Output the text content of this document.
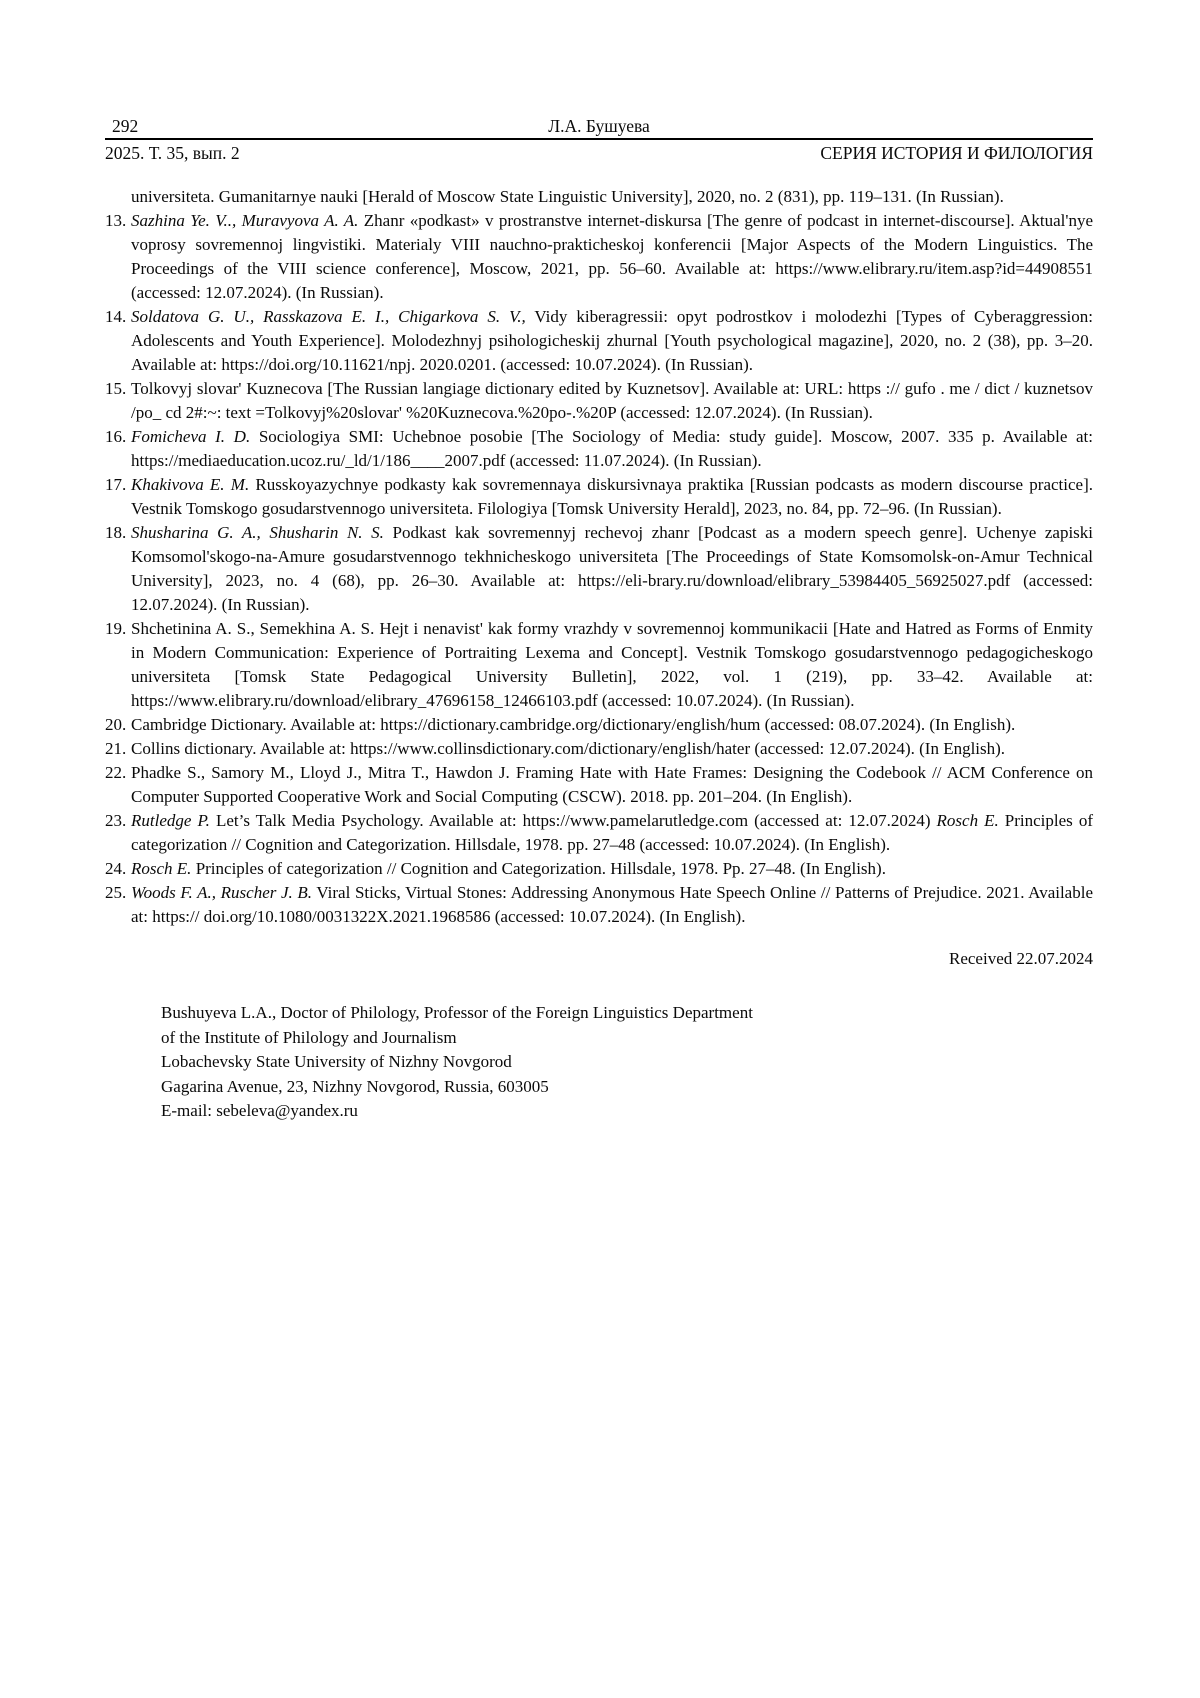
292	Л.А. Бушуева
2025. Т. 35, вып. 2	СЕРИЯ ИСТОРИЯ И ФИЛОЛОГИЯ
universiteta. Gumanitarnye nauki [Herald of Moscow State Linguistic University], 2020, no. 2 (831), pp. 119–131. (In Russian).
13. Sazhina Ye. V.., Muravyova A. A. Zhanr «podkast» v prostranstve internet-diskursa [The genre of podcast in internet-discourse]. Aktual'nye voprosy sovremennoj lingvistiki. Materialy VIII nauchno-prakticheskoj konferencii [Major Aspects of the Modern Linguistics. The Proceedings of the VIII science conference], Moscow, 2021, pp. 56–60. Available at: https://www.elibrary.ru/item.asp?id=44908551 (accessed: 12.07.2024). (In Russian).
14. Soldatova G. U., Rasskazova E. I., Chigarkova S. V., Vidy kiberagressii: opyt podrostkov i molodezhi [Types of Cyberaggression: Adolescents and Youth Experience]. Molodezhnyj psihologicheskij zhurnal [Youth psychological magazine], 2020, no. 2 (38), pp. 3–20. Available at: https://doi.org/10.11621/npj. 2020.0201. (accessed: 10.07.2024). (In Russian).
15. Tolkovyj slovar' Kuznecova [The Russian langiage dictionary edited by Kuznetsov]. Available at: URL: https :// gufo . me / dict / kuznetsov /po_ cd 2#:~: text =Tolkovyj%20slovar' %20Kuznecova.%20po-.%20P (accessed: 12.07.2024). (In Russian).
16. Fomicheva I. D. Sociologiya SMI: Uchebnoe posobie [The Sociology of Media: study guide]. Moscow, 2007. 335 p. Available at: https://mediaeducation.ucoz.ru/_ld/1/186____2007.pdf (accessed: 11.07.2024). (In Russian).
17. Khakivova E. M. Russkoyazychnye podkasty kak sovremennaya diskursivnaya praktika [Russian podcasts as modern discourse practice]. Vestnik Tomskogo gosudarstvennogo universiteta. Filologiya [Tomsk University Herald], 2023, no. 84, pp. 72–96. (In Russian).
18. Shusharina G. A., Shusharin N. S. Podkast kak sovremennyj rechevoj zhanr [Podcast as a modern speech genre]. Uchenye zapiski Komsomol'skogo-na-Amure gosudarstvennogo tekhnicheskogo universiteta [The Proceedings of State Komsomolsk-on-Amur Technical University], 2023, no. 4 (68), pp. 26–30. Available at: https://eli-brary.ru/download/elibrary_53984405_56925027.pdf (accessed: 12.07.2024). (In Russian).
19. Shchetinina A. S., Semekhina A. S. Hejt i nenavist' kak formy vrazhdy v sovremennoj kommunikacii [Hate and Hatred as Forms of Enmity in Modern Communication: Experience of Portraiting Lexema and Concept]. Vestnik Tomskogo gosudarstvennogo pedagogicheskogo universiteta [Tomsk State Pedagogical University Bulletin], 2022, vol. 1 (219), pp. 33–42. Available at: https://www.elibrary.ru/download/elibrary_47696158_12466103.pdf (accessed: 10.07.2024). (In Russian).
20. Cambridge Dictionary. Available at: https://dictionary.cambridge.org/dictionary/english/hum (accessed: 08.07.2024). (In English).
21. Collins dictionary. Available at: https://www.collinsdictionary.com/dictionary/english/hater (accessed: 12.07.2024). (In English).
22. Phadke S., Samory M., Lloyd J., Mitra T., Hawdon J. Framing Hate with Hate Frames: Designing the Codebook // ACM Conference on Computer Supported Cooperative Work and Social Computing (CSCW). 2018. pp. 201–204. (In English).
23. Rutledge P. Let’s Talk Media Psychology. Available at: https://www.pamelarutledge.com (accessed at: 12.07.2024) Rosch E. Principles of categorization // Cognition and Categorization. Hillsdale, 1978. pp. 27–48 (accessed: 10.07.2024). (In English).
24. Rosch E. Principles of categorization // Cognition and Categorization. Hillsdale, 1978. Pp. 27–48. (In English).
25. Woods F. A., Ruscher J. B. Viral Sticks, Virtual Stones: Addressing Anonymous Hate Speech Online // Patterns of Prejudice. 2021. Available at: https:// doi.org/10.1080/0031322X.2021.1968586 (accessed: 10.07.2024). (In English).
Received 22.07.2024
Bushuyeva L.A., Doctor of Philology, Professor of the Foreign Linguistics Department
of the Institute of Philology and Journalism
Lobachevsky State University of Nizhny Novgorod
Gagarina Avenue, 23, Nizhny Novgorod, Russia, 603005
E-mail: sebeleva@yandex.ru
